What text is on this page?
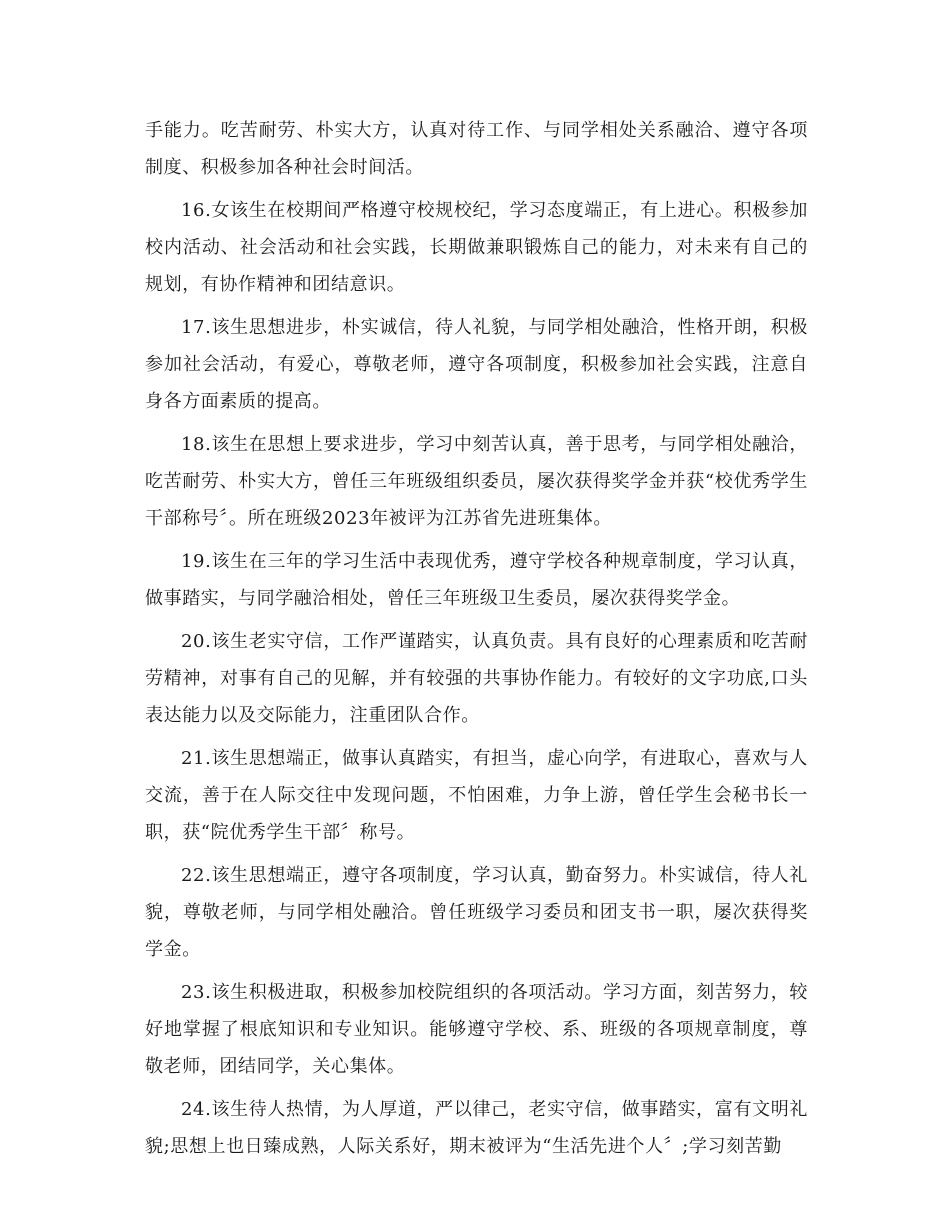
手能力。吃苦耐劳、朴实大方，认真对待工作、与同学相处关系融洽、遵守各项制度、积极参加各种社会时间活。

16.女该生在校期间严格遵守校规校纪，学习态度端正，有上进心。积极参加校内活动、社会活动和社会实践，长期做兼职锻炼自己的能力，对未来有自己的规划，有协作精神和团结意识。

17.该生思想进步，朴实诚信，待人礼貌，与同学相处融洽，性格开朗，积极参加社会活动，有爱心，尊敬老师，遵守各项制度，积极参加社会实践，注意自身各方面素质的提高。

18.该生在思想上要求进步，学习中刻苦认真，善于思考，与同学相处融洽，吃苦耐劳、朴实大方，曾任三年班级组织委员，屡次获得奖学金并获“校优秀学生干部称号〞。所在班级2023年被评为江苏省先进班集体。

19.该生在三年的学习生活中表现优秀，遵守学校各种规章制度，学习认真，做事踏实，与同学融洽相处，曾任三年班级卫生委员，屡次获得奖学金。

20.该生老实守信，工作严谨踏实，认真负责。具有良好的心理素质和吃苦耐劳精神，对事有自己的见解，并有较强的共事协作能力。有较好的文字功底,口头表达能力以及交际能力，注重团队合作。

21.该生思想端正，做事认真踏实，有担当，虚心向学，有进取心，喜欢与人交流，善于在人际交往中发现问题，不怕困难，力争上游，曾任学生会秘书长一职，获“院优秀学生干部〞称号。

22.该生思想端正，遵守各项制度，学习认真，勤奋努力。朴实诚信，待人礼貌，尊敬老师，与同学相处融洽。曾任班级学习委员和团支书一职，屡次获得奖学金。

23.该生积极进取，积极参加校院组织的各项活动。学习方面，刻苦努力，较好地掌握了根底知识和专业知识。能够遵守学校、系、班级的各项规章制度，尊敬老师，团结同学，关心集体。

24.该生待人热情，为人厚道，严以律己，老实守信，做事踏实，富有文明礼貌;思想上也日臻成熟，人际关系好，期末被评为“生活先进个人〞;学习刻苦勤
